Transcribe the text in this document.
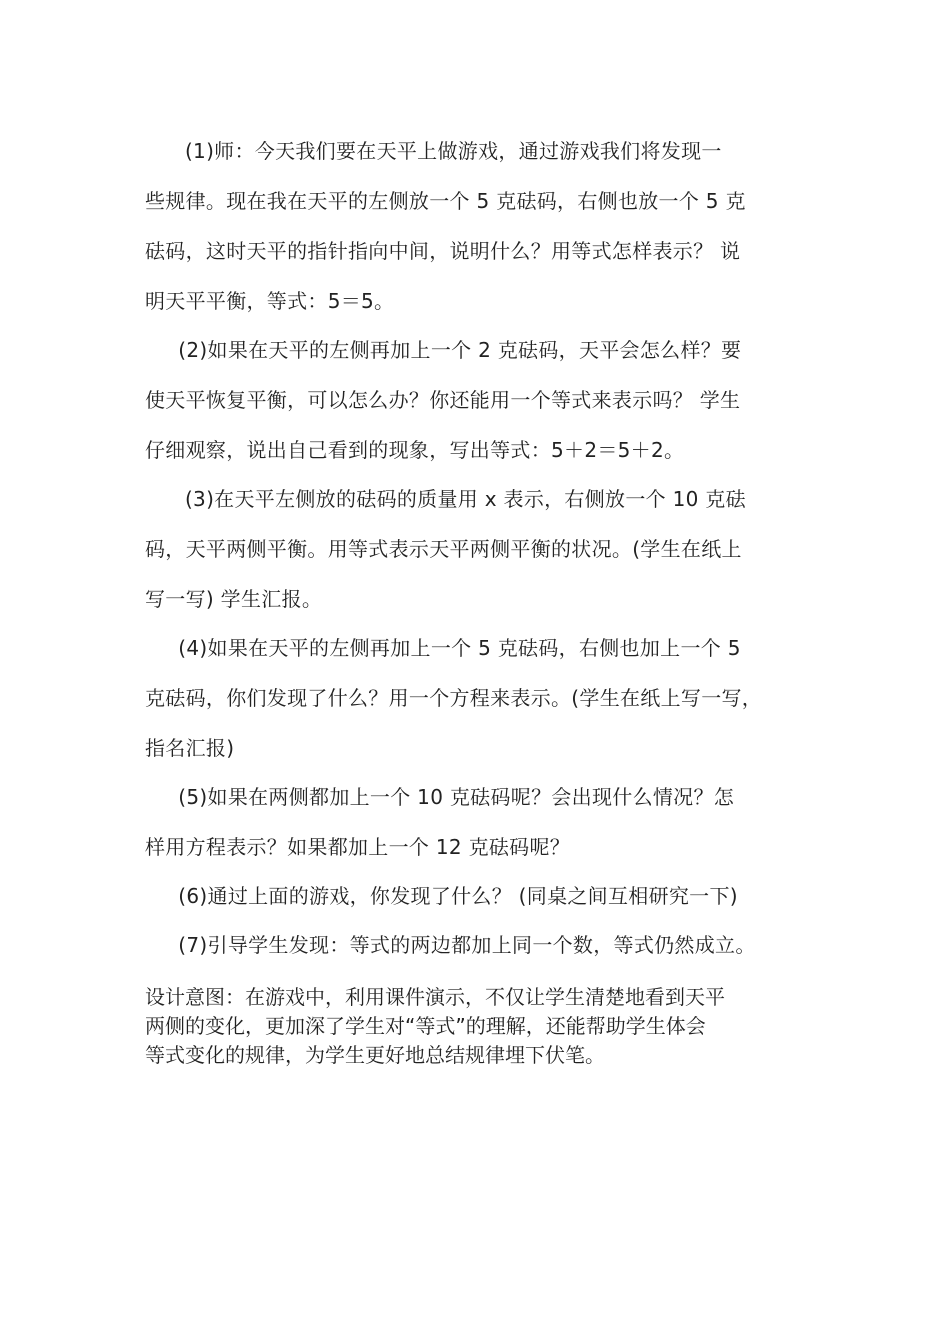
(1)师：今天我们要在天平上做游戏，通过游戏我们将发现一
些规律。现在我在天平的左侧放一个 5 克砝码，右侧也放一个 5 克
砝码，这时天平的指针指向中间，说明什么？用等式怎样表示？ 说
明天平平衡，等式：5＝5。
(2)如果在天平的左侧再加上一个 2 克砝码，天平会怎么样？要
使天平恢复平衡，可以怎么办？你还能用一个等式来表示吗？ 学生
仔细观察，说出自己看到的现象，写出等式：5＋2＝5＋2。
(3)在天平左侧放的砝码的质量用 x 表示，右侧放一个 10 克砝
码，天平两侧平衡。用等式表示天平两侧平衡的状况。(学生在纸上
写一写) 学生汇报。
(4)如果在天平的左侧再加上一个 5 克砝码，右侧也加上一个 5
克砝码，你们发现了什么？用一个方程来表示。(学生在纸上写一写，
指名汇报)
(5)如果在两侧都加上一个 10 克砝码呢？会出现什么情况？怎
样用方程表示？如果都加上一个 12 克砝码呢？
(6)通过上面的游戏，你发现了什么？ (同桌之间互相研究一下)
(7)引导学生发现：等式的两边都加上同一个数，等式仍然成立。
设计意图：在游戏中，利用课件演示，不仅让学生清楚地看到天平
两侧的变化，更加深了学生对“等式”的理解，还能帮助学生体会
等式变化的规律，为学生更好地总结规律埋下伏笔。
